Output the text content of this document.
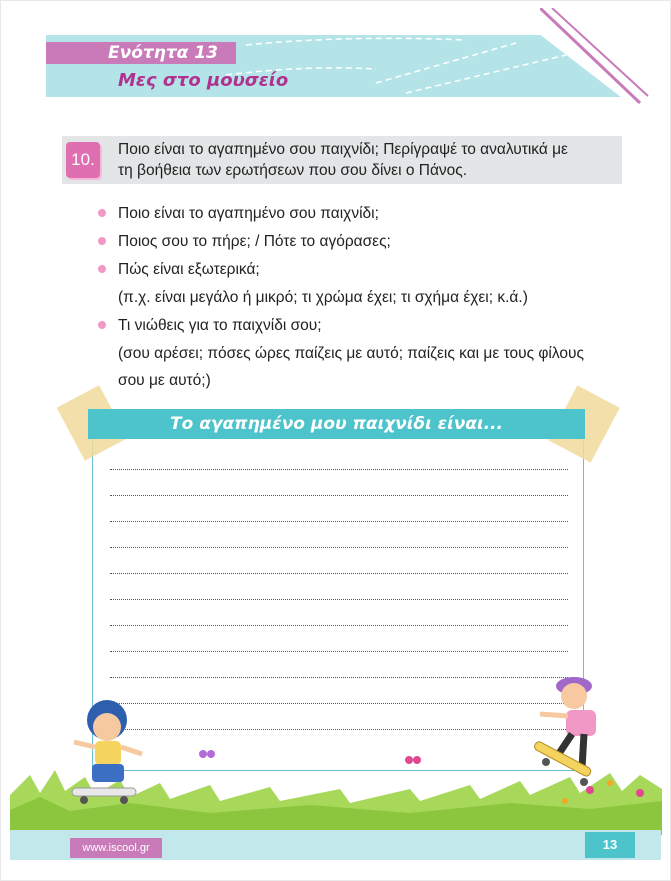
Ενότητα 13
Μες στο μουσείο
10.
Ποιο είναι το αγαπημένο σου παιχνίδι; Περίγραψέ το αναλυτικά με
τη βοήθεια των ερωτήσεων που σου δίνει ο Πάνος.
Ποιο είναι το αγαπημένο σου παιχνίδι;
Ποιος σου το πήρε; / Πότε το αγόρασες;
Πώς είναι εξωτερικά;
(π.χ. είναι μεγάλο ή μικρό; τι χρώμα έχει; τι σχήμα έχει; κ.ά.)
Τι νιώθεις για το παιχνίδι σου;
(σου αρέσει; πόσες ώρες παίζεις με αυτό; παίζεις και με τους φίλους
σου με αυτό;)
Το αγαπημένο μου παιχνίδι είναι...
www.iscool.gr	13
